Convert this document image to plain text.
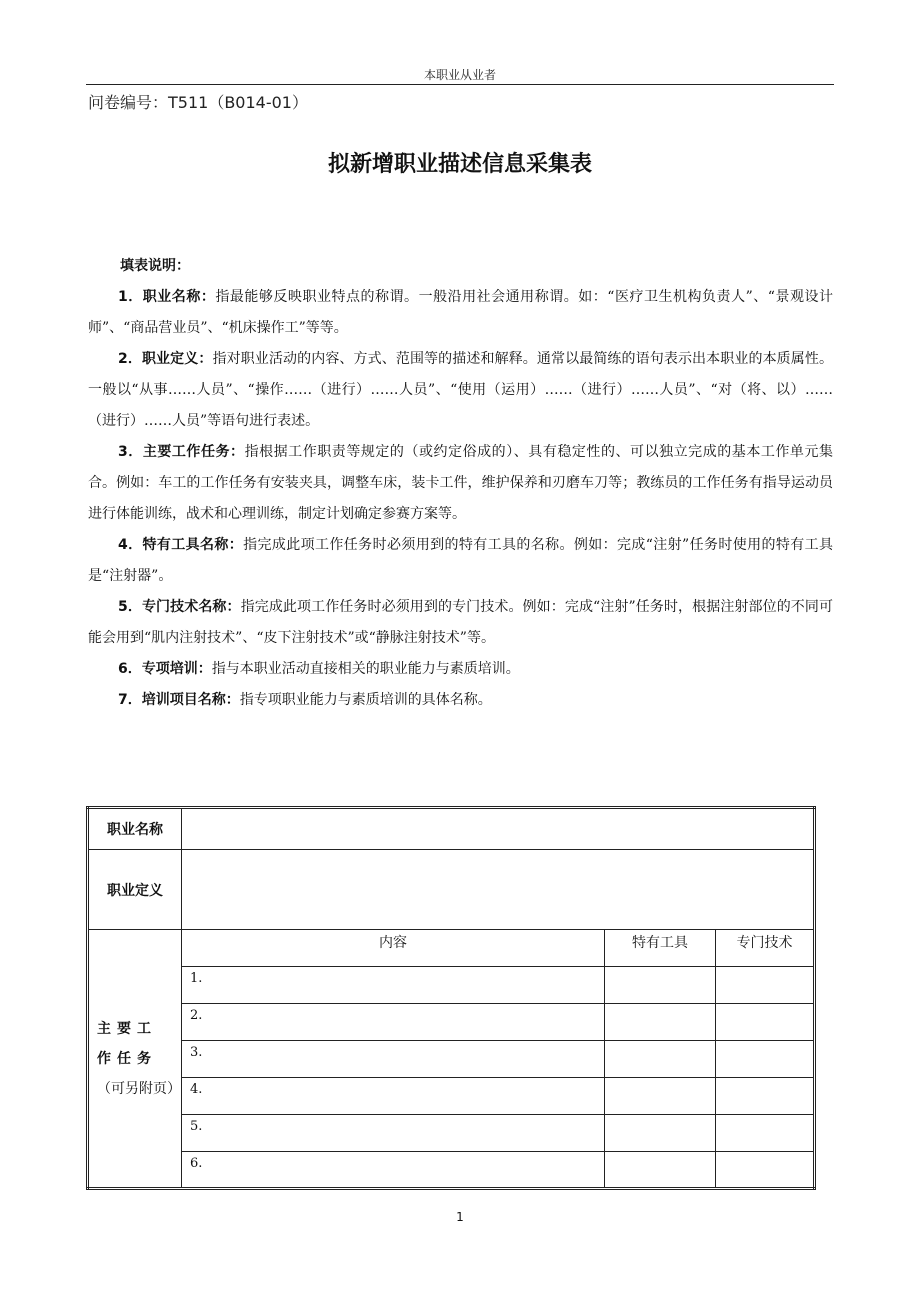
本职业从业者
问卷编号：T511（B014-01）
拟新增职业描述信息采集表
填表说明：

1．职业名称：指最能够反映职业特点的称谓。一般沿用社会通用称谓。如：“医疗卫生机构负责人”、“景观设计师”、“商品营业员”、“机床操作工”等等。

2．职业定义：指对职业活动的内容、方式、范围等的描述和解释。通常以最简练的语句表示出本职业的本质属性。一般以“从事……人员”、“操作……（进行）……人员”、“使用（运用）……（进行）……人员”、“对（将、以）……（进行）……人员”等语句进行表述。

3．主要工作任务：指根据工作职责等规定的（或约定俗成的）、具有稳定性的、可以独立完成的基本工作单元集合。例如：车工的工作任务有安装夹具，调整车床，装卡工件，维护保养和刃磨车刀等；教练员的工作任务有指导运动员进行体能训练，战术和心理训练，制定计划确定参赛方案等。

4．特有工具名称：指完成此项工作任务时必须用到的特有工具的名称。例如：完成“注射”任务时使用的特有工具是“注射器”。

5．专门技术名称：指完成此项工作任务时必须用到的专门技术。例如：完成“注射”任务时，根据注射部位的不同可能会用到“肌内注射技术”、“皮下注射技术”或“静脉注射技术”等。

6．专项培训：指与本职业活动直接相关的职业能力与素质培训。

7．培训项目名称：指专项职业能力与素质培训的具体名称。

职业名称			
职业定义			
主要工作任务（可另附页）	内容	特有工具	专门技术
	1.		
	2.		
	3.		
	4.		
	5.		
	6.		
1
